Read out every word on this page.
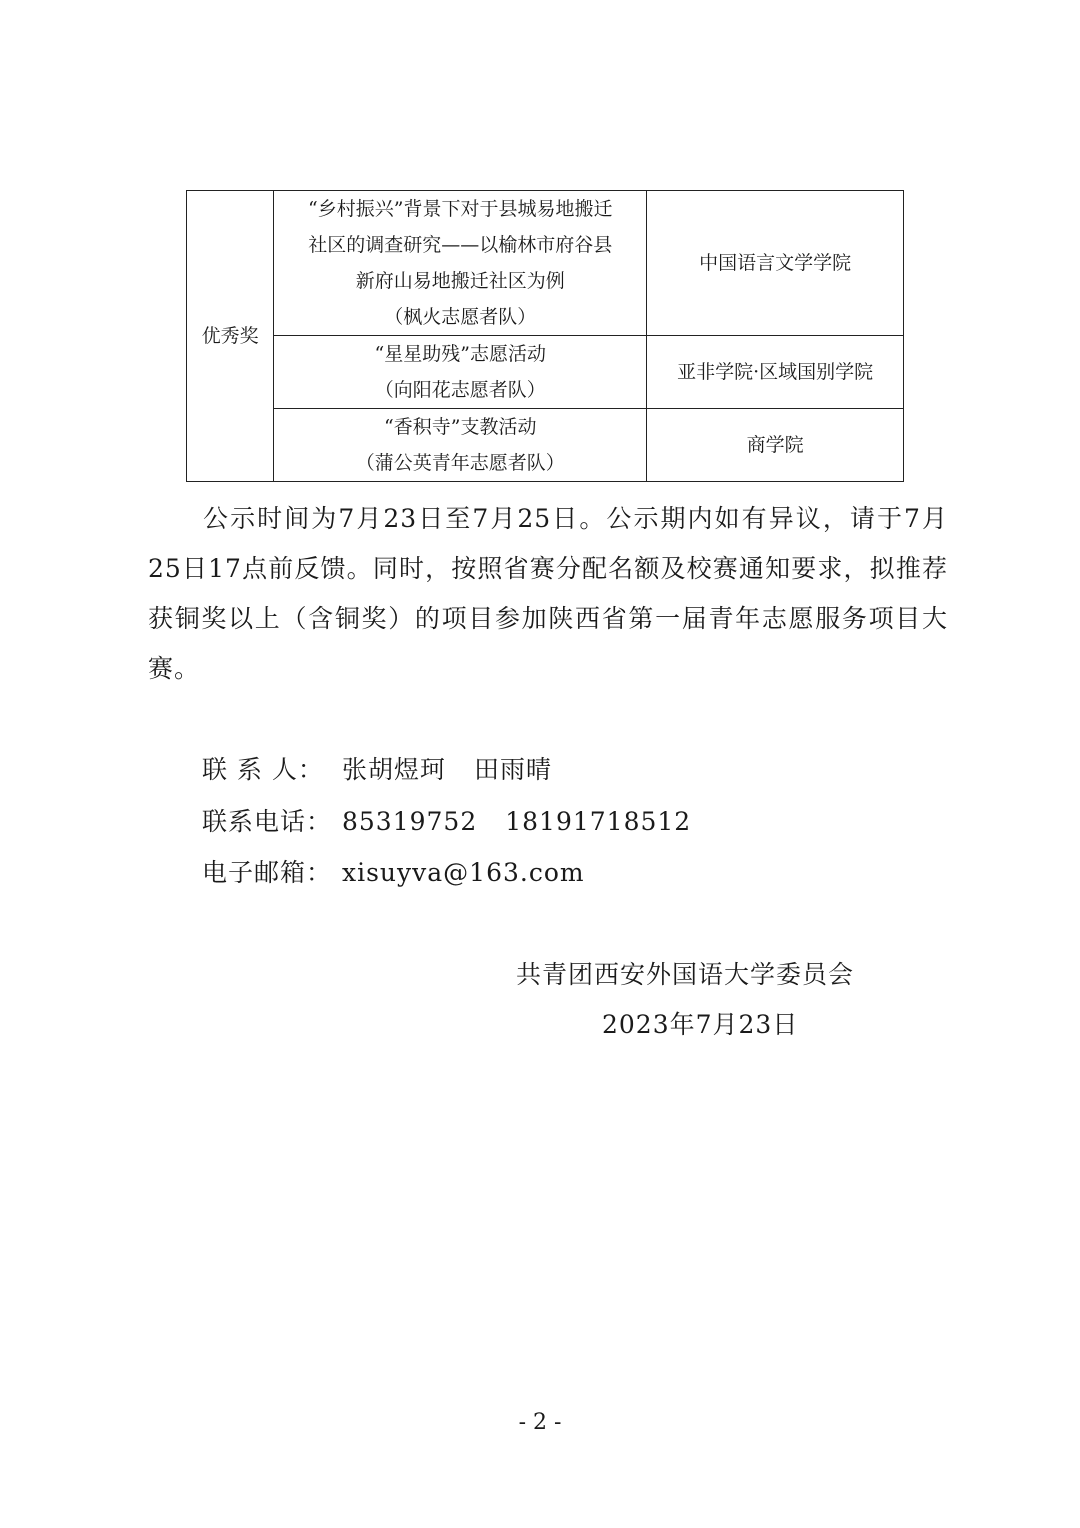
优秀奖	“乡村振兴”背景下对于县城易地搬迁
社区的调查研究——以榆林市府谷县
新府山易地搬迁社区为例
（枫火志愿者队）	中国语言文学学院

	“星星助残”志愿活动
（向阳花志愿者队）	亚非学院·区域国别学院

	“香积寺”支教活动
（蒲公英青年志愿者队）	商学院
公示时间为7月23日至7月25日。公示期内如有异议，请于7月25日17点前反馈。同时，按照省赛分配名额及校赛通知要求，拟推荐获铜奖以上（含铜奖）的项目参加陕西省第一届青年志愿服务项目大赛。
联 系 人： 张胡煜珂 田雨晴
联系电话： 85319752 18191718512
电子邮箱： xisuyva@163.com
共青团西安外国语大学委员会
2023年7月23日
- 2 -
